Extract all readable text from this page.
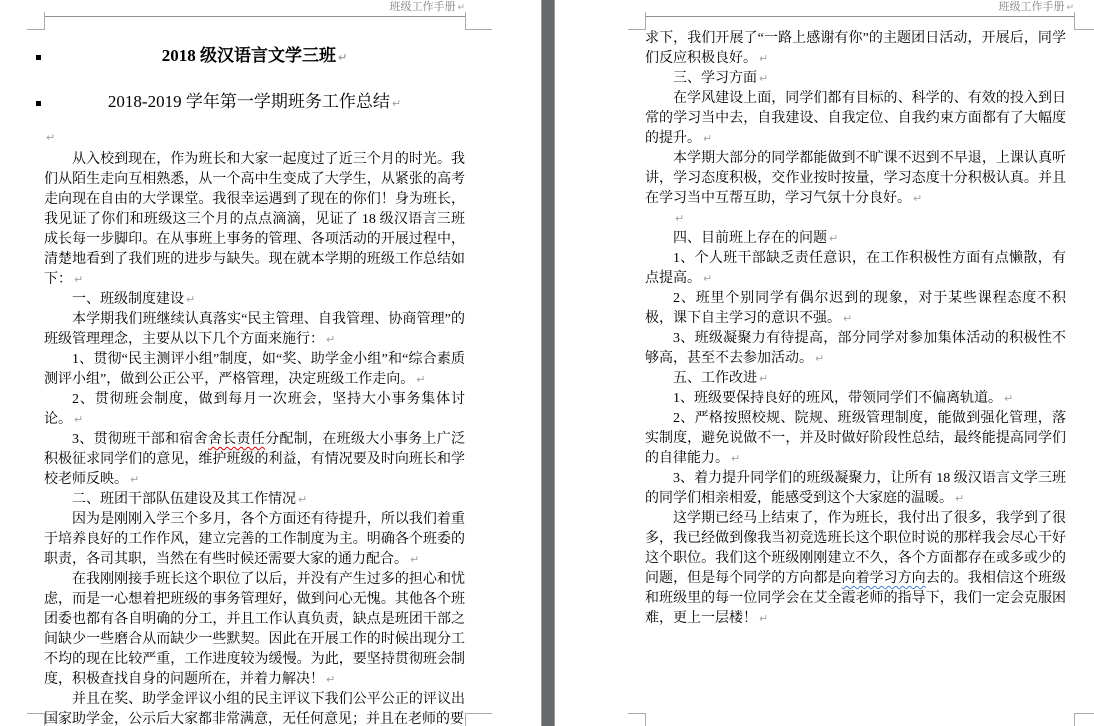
班级工作手册 ↵

2018 级汉语言文学三班 ↵

2018-2019 学年第一学期班务工作总结 ↵

↵

从入校到现在，作为班长和大家一起度过了近三个月的时光。我们从陌生走向互相熟悉，从一个高中生变成了大学生，从紧张的高考走向现在自由的大学课堂。我很幸运遇到了现在的你们！身为班长，我见证了你们和班级这三个月的点点滴滴，见证了 18 级汉语言三班成长每一步脚印。在从事班上事务的管理、各项活动的开展过程中，清楚地看到了我们班的进步与缺失。现在就本学期的班级工作总结如下： ↵

一、班级制度建设 ↵

本学期我们班继续认真落实“民主管理、自我管理、协商管理”的班级管理理念，主要从以下几个方面来施行： ↵

1、贯彻“民主测评小组”制度，如“奖、助学金小组”和“综合素质测评小组”，做到公正公平，严格管理，决定班级工作走向。 ↵

2、贯彻班会制度，做到每月一次班会，坚持大小事务集体讨论。 ↵

3、贯彻班干部和宿舍舍长责任分配制，在班级大小事务上广泛积极征求同学们的意见，维护班级的利益，有情况要及时向班长和学校老师反映。 ↵

二、班团干部队伍建设及其工作情况 ↵

因为是刚刚入学三个多月，各个方面还有待提升，所以我们着重于培养良好的工作作风，建立完善的工作制度为主。明确各个班委的职责，各司其职，当然在有些时候还需要大家的通力配合。 ↵

在我刚刚接手班长这个职位了以后，并没有产生过多的担心和忧虑，而是一心想着把班级的事务管理好，做到问心无愧。其他各个班团委也都有各自明确的分工，并且工作认真负责，缺点是班团干部之间缺少一些磨合从而缺少一些默契。因此在开展工作的时候出现分工不均的现在比较严重，工作进度较为缓慢。为此，要坚持贯彻班会制度，积极查找自身的问题所在，并着力解决！ ↵

并且在奖、助学金评议小组的民主评议下我们公平公正的评议出国家助学金，公示后大家都非常满意，无任何意见；并且在老师的要

班级工作手册 ↵

求下，我们开展了“一路上感谢有你”的主题团日活动，开展后，同学们反应积极良好。 ↵

三、学习方面 ↵

在学风建设上面，同学们都有目标的、科学的、有效的投入到日常的学习当中去，自我建设、自我定位、自我约束方面都有了大幅度的提升。 ↵

本学期大部分的同学都能做到不旷课不迟到不早退，上课认真听讲，学习态度积极，交作业按时按量，学习态度十分积极认真。并且在学习当中互帮互助，学习气氛十分良好。 ↵

↵

四、目前班上存在的问题 ↵

1、个人班干部缺乏责任意识，在工作积极性方面有点懒散，有点提高。 ↵

2、班里个别同学有偶尔迟到的现象，对于某些课程态度不积极，课下自主学习的意识不强。 ↵

3、班级凝聚力有待提高，部分同学对参加集体活动的积极性不够高，甚至不去参加活动。 ↵

五、工作改进 ↵

1、班级要保持良好的班风，带领同学们不偏离轨道。 ↵

2、严格按照校规、院规、班级管理制度，能做到强化管理，落实制度，避免说做不一，并及时做好阶段性总结，最终能提高同学们的自律能力。 ↵

3、着力提升同学们的班级凝聚力，让所有 18 级汉语言文学三班的同学们相亲相爱，能感受到这个大家庭的温暖。 ↵

这学期已经马上结束了，作为班长，我付出了很多，我学到了很多，我已经做到像我当初竞选班长这个职位时说的那样我会尽心干好这个职位。我们这个班级刚刚建立不久，各个方面都存在或多或少的问题，但是每个同学的方向都是向着学习方向去的。我相信这个班级和班级里的每一位同学会在艾全霞老师的指导下，我们一定会克服困难，更上一层楼！ ↵
